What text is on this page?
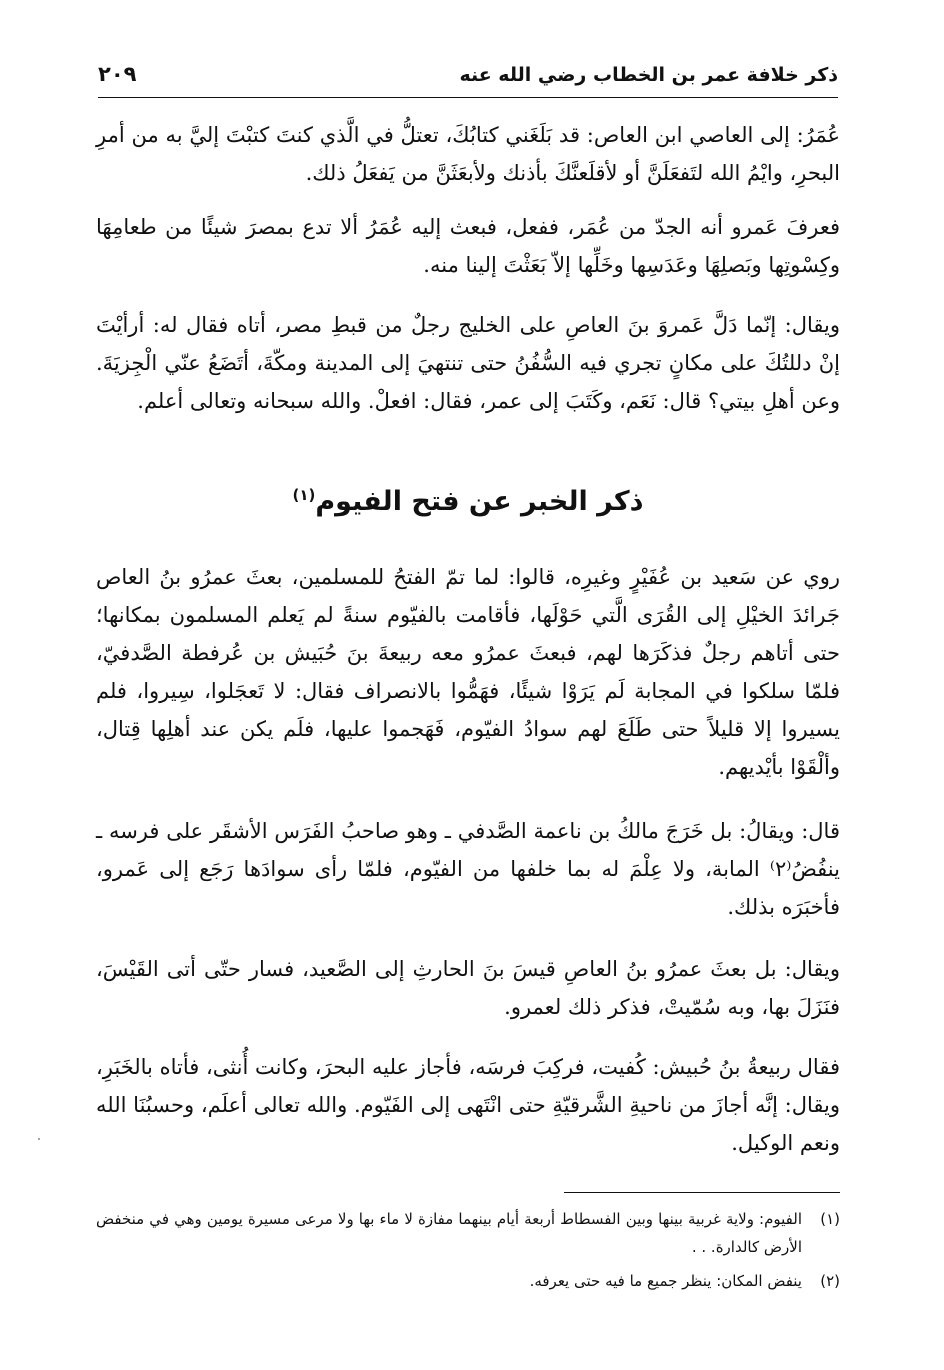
ذكر خلافة عمر بن الخطاب رضي الله عنه
٢٠٩
عُمَرُ: إلى العاصي ابن العاص: قد بَلَغَني كتابُكَ، تعتلُّ في الَّذي كنتَ كتبْتَ إليَّ به من أمرِ البحرِ، وايْمُ الله لتَفعَلَنَّ أو لأقلَعنَّكَ بأذنك ولأبعَثَنَّ من يَفعَلُ ذلك.
فعرفَ عَمرو أنه الجدّ من عُمَر، ففعل، فبعث إليه عُمَرُ ألا تدع بمصرَ شيئًا من طعامِهَا وكِسْوتِها وبَصلِهَا وعَدَسِها وخَلِّها إلاّ بَعَثْتَ إلينا منه.
ويقال: إنّما دَلَّ عَمروَ بنَ العاصِ على الخليج رجلٌ من قبطِ مصر، أتاه فقال له: أرأيْتَ إنْ دللتُكَ على مكانٍ تجري فيه السُّفُنُ حتى تنتهيَ إلى المدينة ومكّةَ، أتَضَعُ عنّي الْجِزيَةَ. وعن أهلِ بيتي؟ قال: نَعَم، وكَتَبَ إلى عمر، فقال: افعلْ. والله سبحانه وتعالى أعلم.
ذكر الخبر عن فتح الفيوم$^{(١)}$
روي عن سَعيد بن عُفَيْرٍ وغيرِه، قالوا: لما تمّ الفتحُ للمسلمين، بعثَ عمرُو بنُ العاص جَرائدَ الخيْلِ إلى القُرَى الَّتي حَوْلَها، فأقامت بالفيّوم سنةً لم يَعلم المسلمون بمكانها؛ حتى أتاهم رجلٌ فذكَرَها لهم، فبعثَ عمرُو معه ربيعةَ بنَ حُبَيش بن عُرفطة الصَّدفيّ، فلمّا سلكوا في المجابة لَم يَرَوْا شيئًا، فهَمُّوا بالانصراف فقال: لا تَعجَلوا، سِيروا، فلم يسيروا إلا قليلاً حتى طَلَعَ لهم سوادُ الفيّوم، فَهَجموا عليها، فلَم يكن عند أهلِها قِتال، وألْقَوْا بأيْديهم.
قال: ويقالُ: بل خَرَجَ مالكُ بن ناعمة الصَّدفي ـ وهو صاحبُ الفَرَس الأشقَر على فرسه ـ ينفُضُ⁽٢⁾ المابة، ولا عِلْمَ له بما خلفها من الفيّوم، فلمّا رأى سوادَها رَجَع إلى عَمرو، فأخبَرَه بذلك.
ويقال: بل بعثَ عمرُو بنُ العاصِ قيسَ بنَ الحارثِ إلى الصَّعيد، فسار حتّى أتى القَيْسَ، فنَزَلَ بها، وبه سُمّيتْ، فذكر ذلك لعمرو.
فقال ربيعةُ بنُ حُبيش: كُفيت، فركِبَ فرسَه، فأجاز عليه البحرَ، وكانت أُنثى، فأتاه بالخَبَرِ، ويقال: إنَّه أجازَ من ناحيةِ الشَّرقيّةِ حتى انْتَهى إلى الفَيّوم. والله تعالى أعلَم، وحسبُنَا الله ونعم الوكيل.
(١)
الفيوم: ولاية غربية بينها وبين الفسطاط أربعة أيام بينهما مفازة لا ماء بها ولا مرعى مسيرة يومين وهي في منخفض الأرض كالدارة. . .
(٢)
ينفض المكان: ينظر جميع ما فيه حتى يعرفه.
